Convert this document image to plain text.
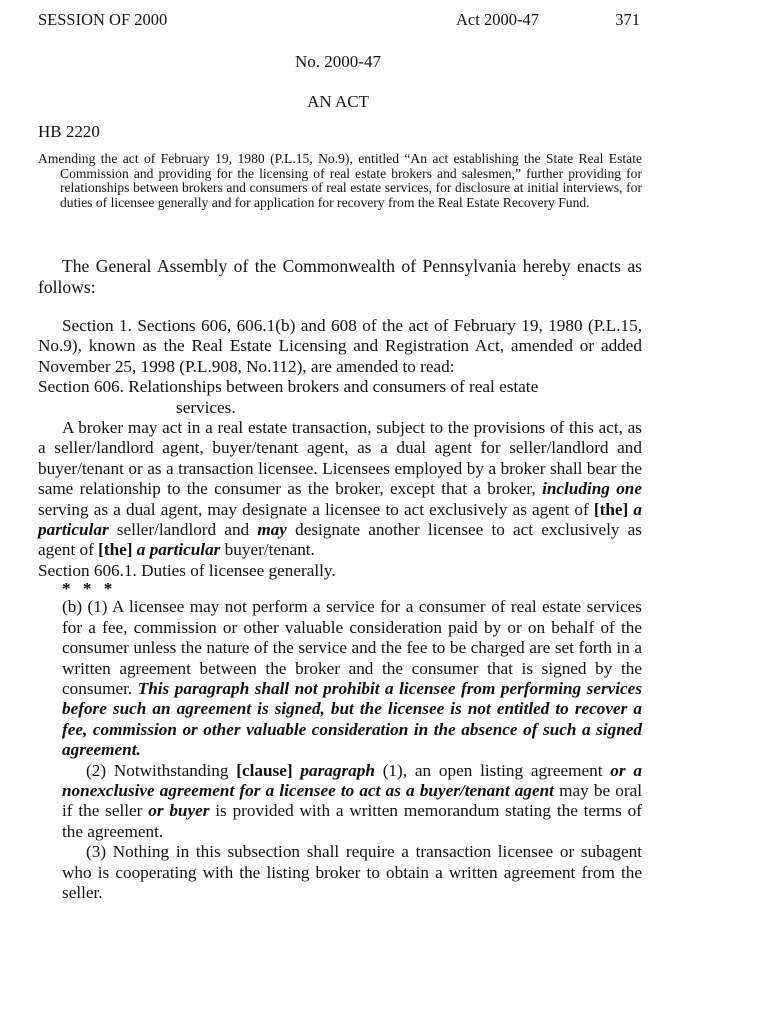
SESSION OF 2000	Act 2000-47	371
No. 2000-47
AN ACT
HB 2220
Amending the act of February 19, 1980 (P.L.15, No.9), entitled “An act establishing the State Real Estate Commission and providing for the licensing of real estate brokers and salesmen,” further providing for relationships between brokers and consumers of real estate services, for disclosure at initial interviews, for duties of licensee generally and for application for recovery from the Real Estate Recovery Fund.
The General Assembly of the Commonwealth of Pennsylvania hereby enacts as follows:

Section 1. Sections 606, 606.1(b) and 608 of the act of February 19, 1980 (P.L.15, No.9), known as the Real Estate Licensing and Registration Act, amended or added November 25, 1998 (P.L.908, No.112), are amended to read:

Section 606. Relationships between brokers and consumers of real estate
services.

A broker may act in a real estate transaction, subject to the provisions of this act, as a seller/landlord agent, buyer/tenant agent, as a dual agent for seller/landlord and buyer/tenant or as a transaction licensee. Licensees employed by a broker shall bear the same relationship to the consumer as the broker, except that a broker, including one serving as a dual agent, may designate a licensee to act exclusively as agent of [the] a particular seller/landlord and may designate another licensee to act exclusively as agent of [the] a particular buyer/tenant.

Section 606.1. Duties of licensee generally.

* * *

(b) (1) A licensee may not perform a service for a consumer of real estate services for a fee, commission or other valuable consideration paid by or on behalf of the consumer unless the nature of the service and the fee to be charged are set forth in a written agreement between the broker and the consumer that is signed by the consumer. This paragraph shall not prohibit a licensee from performing services before such an agreement is signed, but the licensee is not entitled to recover a fee, commission or other valuable consideration in the absence of such a signed agreement.

(2) Notwithstanding [clause] paragraph (1), an open listing agreement or a nonexclusive agreement for a licensee to act as a buyer/tenant agent may be oral if the seller or buyer is provided with a written memorandum stating the terms of the agreement.

(3) Nothing in this subsection shall require a transaction licensee or subagent who is cooperating with the listing broker to obtain a written agreement from the seller.
